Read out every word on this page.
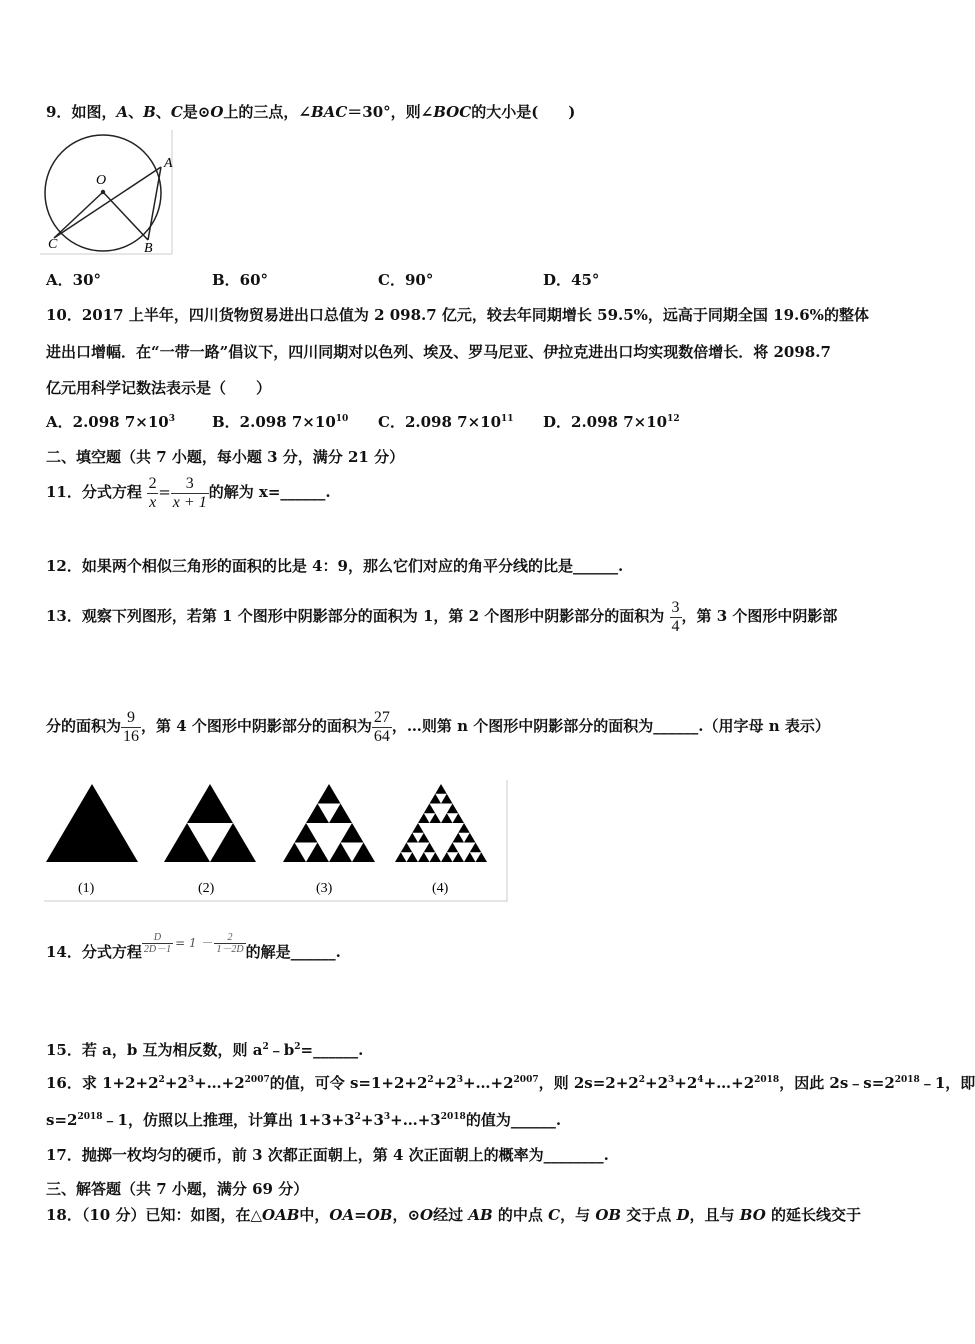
9．如图，A、B、C是⊙O上的三点，∠BAC＝30°，则∠BOC的大小是(　　)
O
A
B
C
A．30°	B．60°	C．90°	D．45°
10．2017 上半年，四川货物贸易进出口总值为 2 098.7 亿元，较去年同期增长 59.5%，远高于同期全国 19.6%的整体
进出口增幅．在“一带一路”倡议下，四川同期对以色列、埃及、罗马尼亚、伊拉克进出口均实现数倍增长．将 2098.7
亿元用科学记数法表示是（　　）
A．2.098 $7\times 10^3$ B．2.098 $7\times 10^{10}$ C．2.098 $7\times 10^{11}$ D．2.098 $7\times 10^{12}$
二、填空题（共 7 小题，每小题 3 分，满分 21 分）
11．分式方程 $\frac{2}{x} = \frac{3}{x + 1}$ 的解为 x=______.
12．如果两个相似三角形的面积的比是 4：9，那么它们对应的角平分线的比是______.
13．观察下列图形，若第 1 个图形中阴影部分的面积为 1，第 2 个图形中阴影部分的面积为 $\frac{3}{4}$ ，第 3 个图形中阴影部
分的面积为 $\frac{9}{16}$ ，第 4 个图形中阴影部分的面积为 $\frac{27}{64}$ ，…则第 n 个图形中阴影部分的面积为______.（用字母 n 表示）
(1)	(2)	(3)	(4)
14．分式方程 $\frac{D}{2D-1} = 1 - \frac{2}{1-2D}$ 的解是______.
15．若 a，b 互为相反数，则 $a^2﹣b^2=\_\_\_\_\_\_$.
16．求 $1+2+2^2+2^3+\dots+2^{2007}$的值，可令 $s=1+2+2^2+2^3+\dots+2^{2007}$，则 $2s=2+2^2+2^3+2^4+\dots+2^{2018}$，因此 $2s﹣s=2^{2018}﹣1$，即
$s=2^{2018}﹣1$，仿照以上推理，计算出 $1+3+3^2+3^3+\dots+3^{2018}$的值为______.
17．抛掷一枚均匀的硬币，前 3 次都正面朝上，第 4 次正面朝上的概率为________.
三、解答题（共 7 小题，满分 69 分）
18．（10 分）已知：如图，在△OAB中，OA=OB，⊙O经过 AB 的中点 C，与 OB 交于点 D，且与 BO 的延长线交于
